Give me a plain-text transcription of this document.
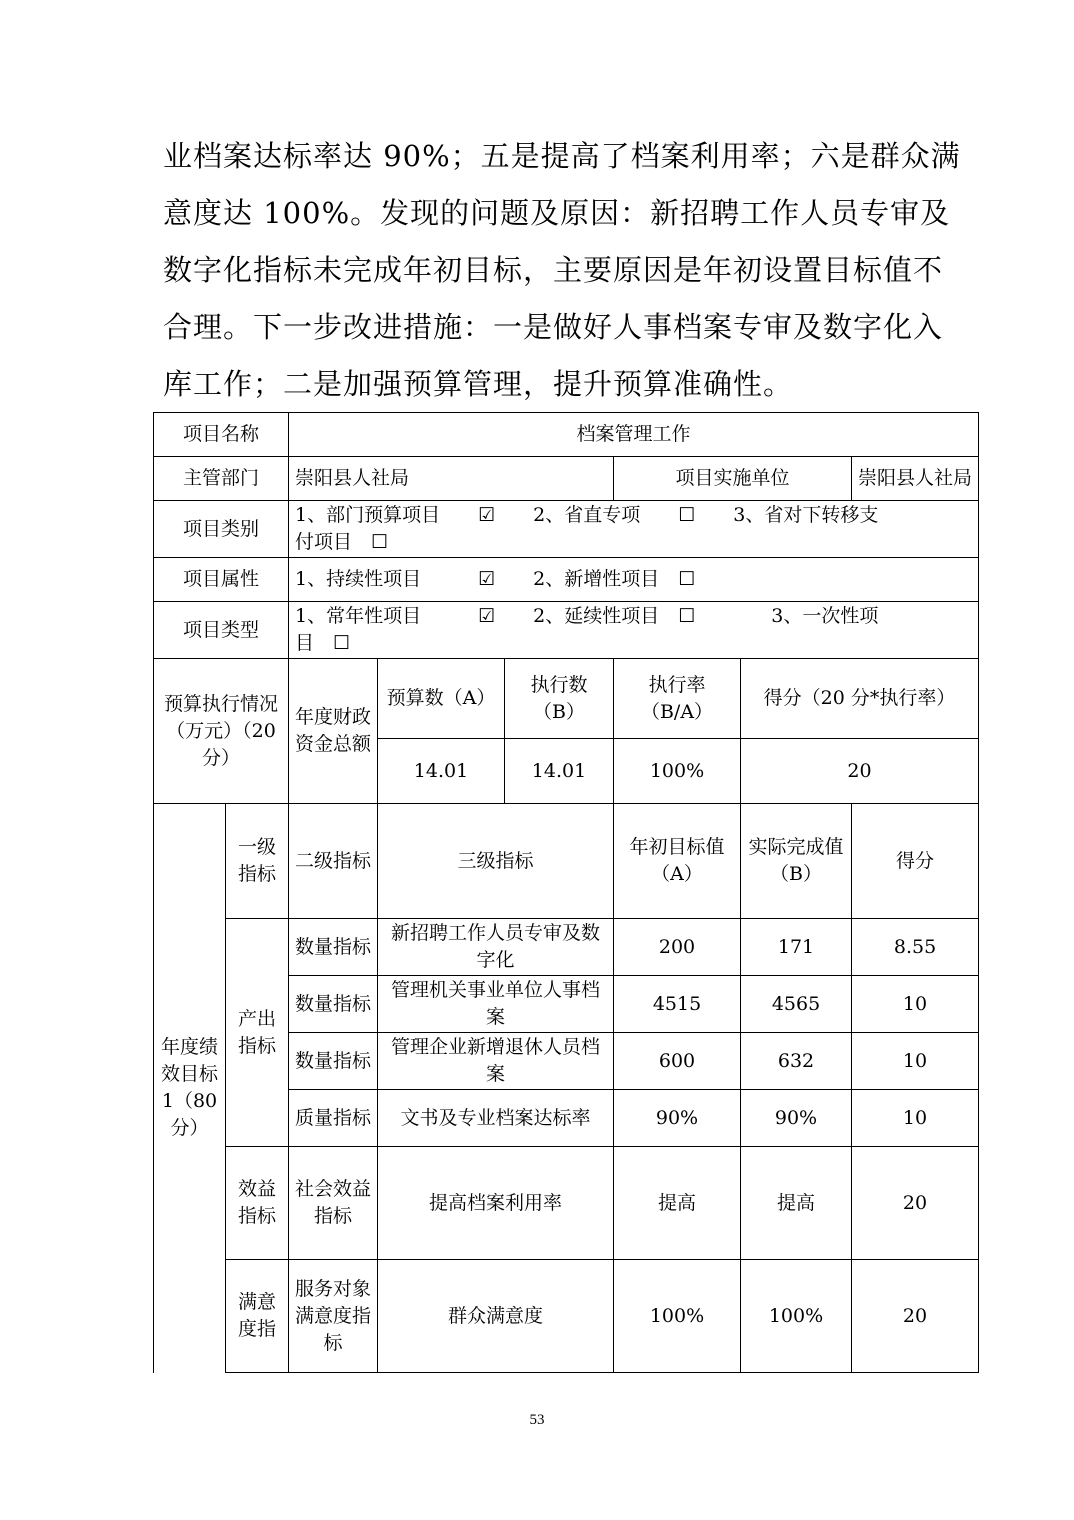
业档案达标率达 90%；五是提高了档案利用率；六是群众满
意度达 100%。发现的问题及原因：新招聘工作人员专审及
数字化指标未完成年初目标，主要原因是年初设置目标值不
合理。下一步改进措施：一是做好人事档案专审及数字化入
库工作；二是加强预算管理，提升预算准确性。
项目名称		档案管理工作					
主管部门		崇阳县人社局			项目实施单位		崇阳县人社局
项目类别		1、部门预算项目　　☑　　2、省直专项　　☐　　3、省对下转移支
付项目　☐					

项目属性		1、持续性项目　　　☑　　2、新增性项目　☐					
项目类型		1、常年性项目　　　☑　　2、延续性项目　☐　　　　3、一次性项
目　☐					

预算执行情况（万元）（20 分）		年度财政资金总额	预算数（A）	执行数（B）	执行率（B/A）	得分（20 分*执行率）	
			14.01	14.01	100%	20	
年度绩效目标1（80分）	一级指标	二级指标	三级指标		年初目标值（A）	实际完成值（B）	得分
	产出指标	数量指标	新招聘工作人员专审及数字化		200	171	8.55
		数量指标	管理机关事业单位人事档案		4515	4565	10
		数量指标	管理企业新增退休人员档案		600	632	10
		质量指标	文书及专业档案达标率		90%	90%	10
	效益指标	社会效益指标	提高档案利用率		提高	提高	20
	满意度指	服务对象满意度指标	群众满意度		100%	100%	20
53
